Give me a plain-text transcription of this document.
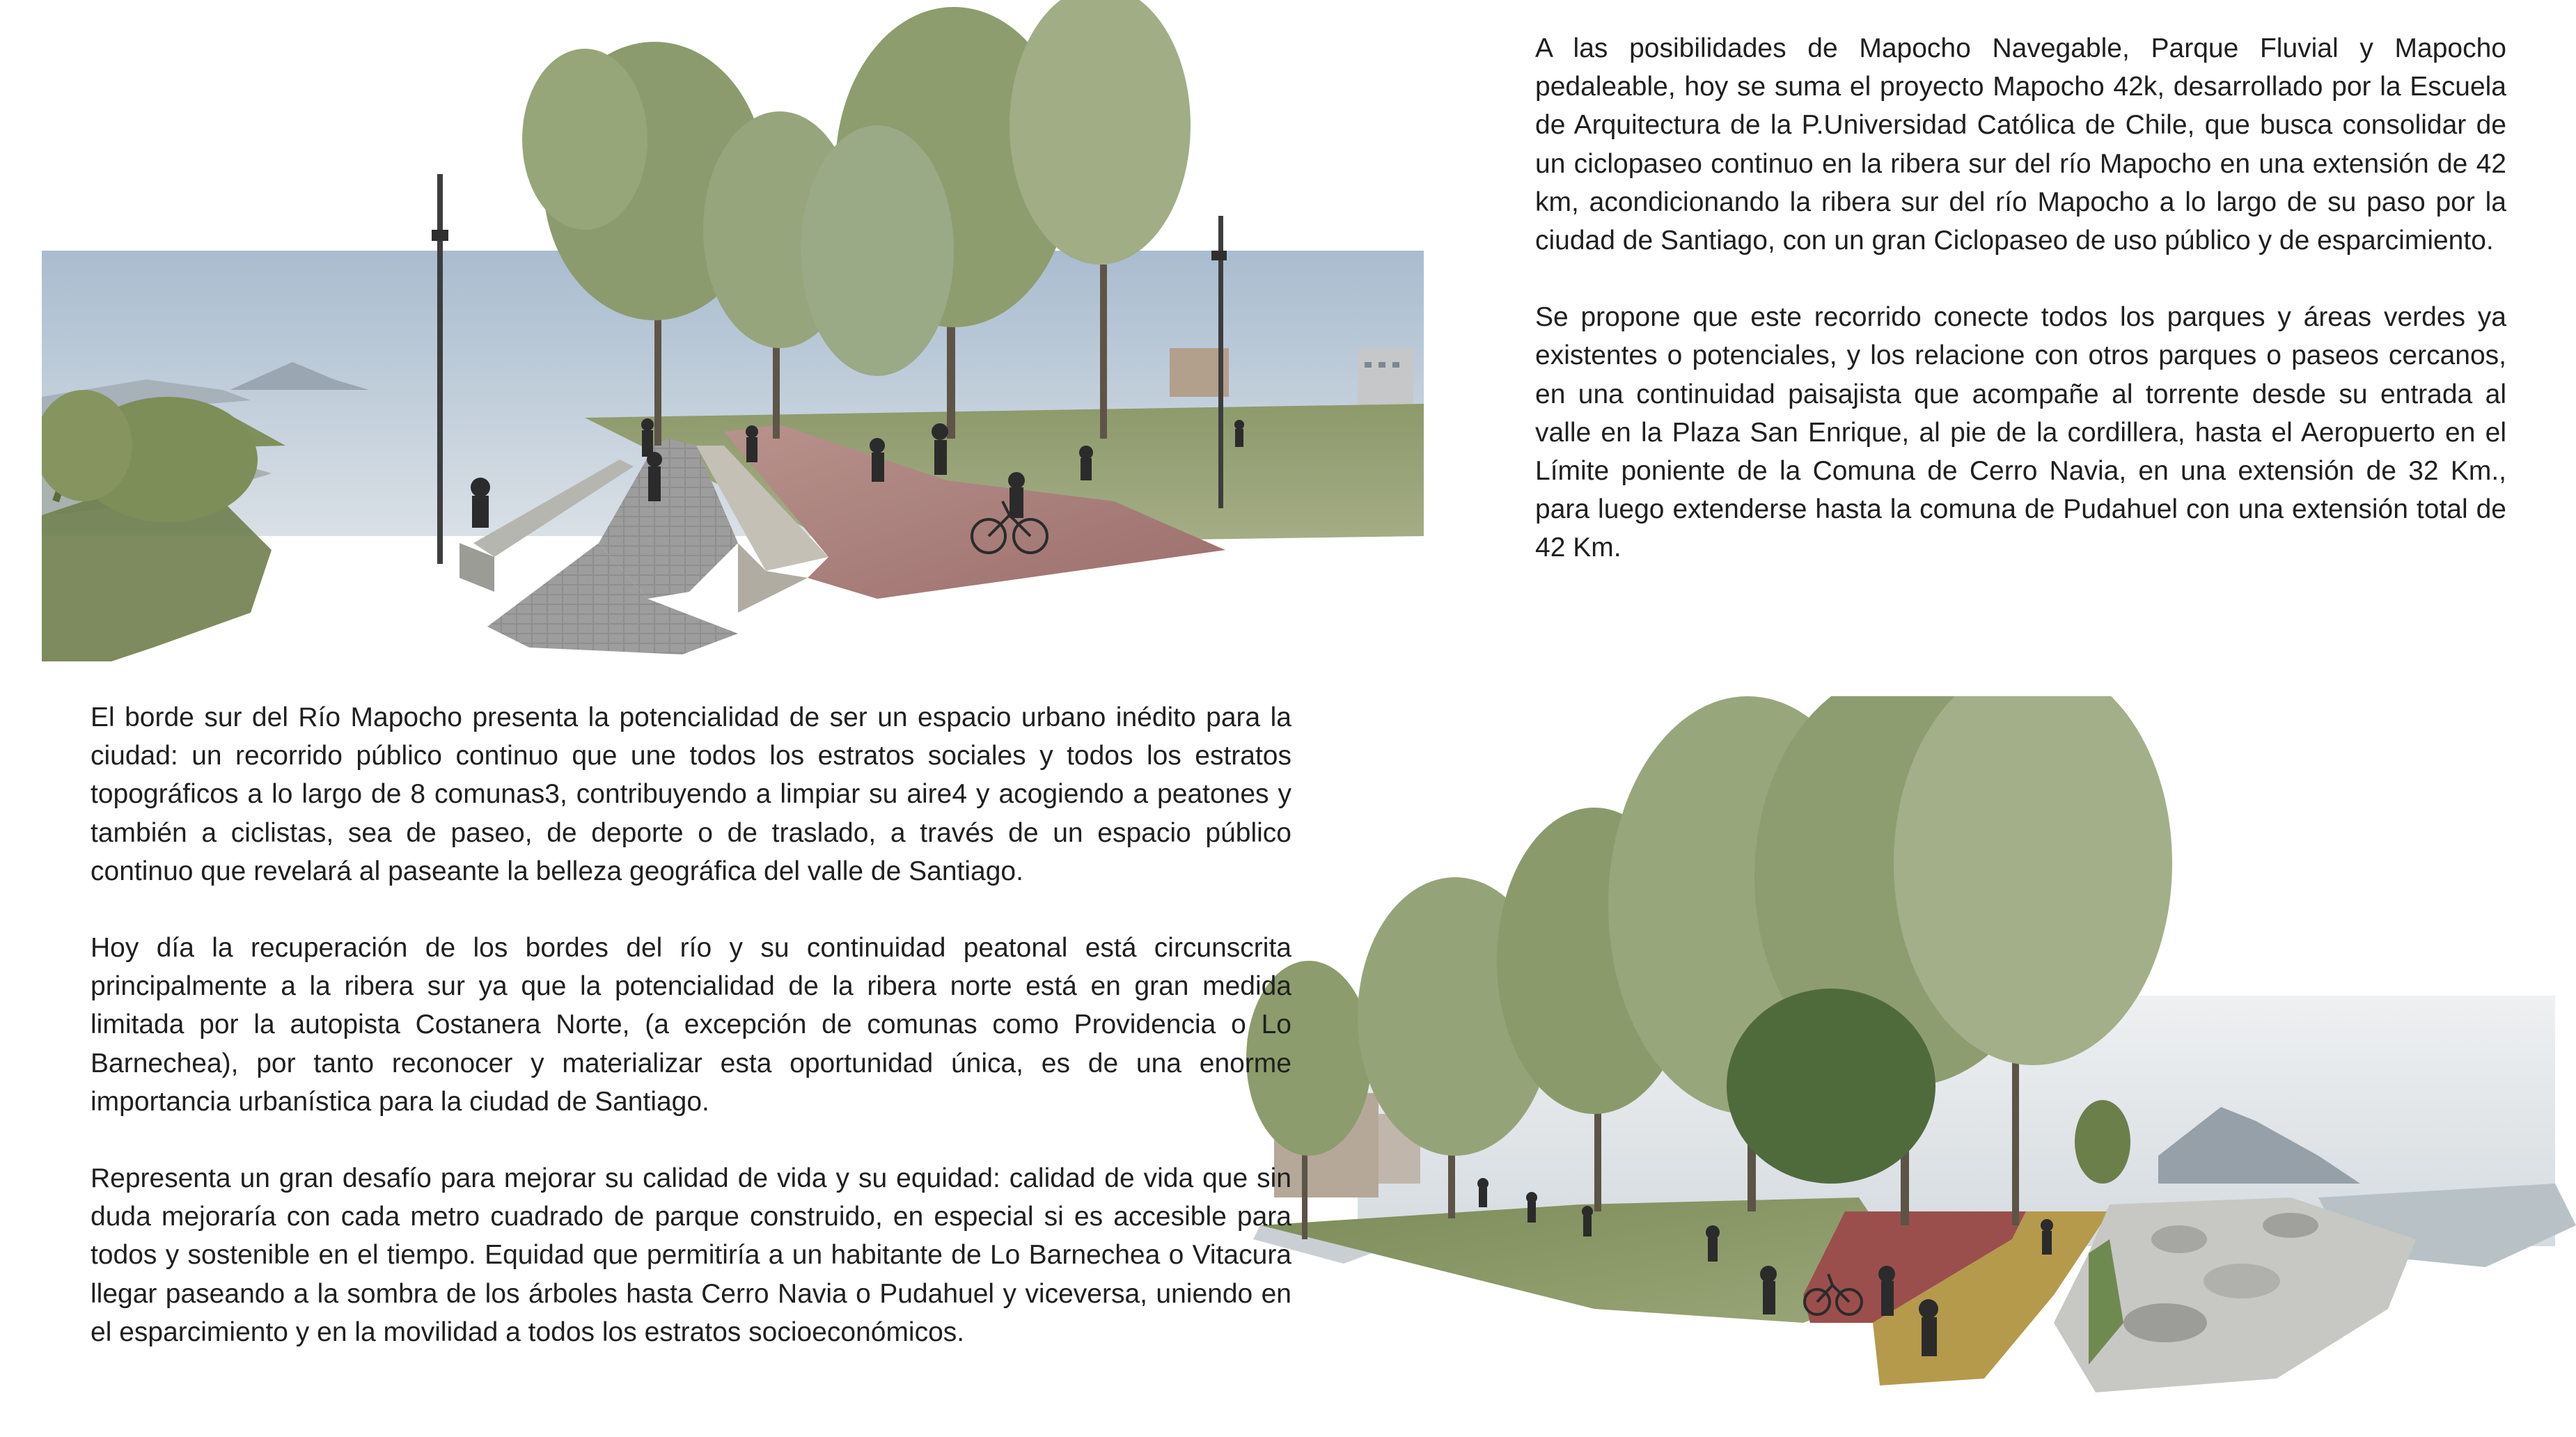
A las posibilidades de Mapocho Navegable, Parque Fluvial y Mapocho pedaleable, hoy se suma el proyecto Mapocho 42k, desarrollado por la Escuela de Arquitectura de la P.Universidad Católica de Chile, que busca consolidar de un ciclopaseo continuo en la ribera sur del río Mapocho en una extensión de 42 km, acondicionando la ribera sur del río Mapocho a lo largo de su paso por la ciudad de Santiago, con un gran Ciclopaseo de uso público y de esparcimiento.

Se propone que este recorrido conecte todos los parques y áreas verdes ya existentes o potenciales, y los relacione con otros parques o paseos cercanos, en una continuidad paisajista que acompañe al torrente desde su entrada al valle en la Plaza San Enrique, al pie de la cordillera, hasta el Aeropuerto en el Límite poniente de la Comuna de Cerro Navia, en una extensión de 32 Km., para luego extenderse hasta la comuna de Pudahuel con una extensión total de 42 Km.

El borde sur del Río Mapocho presenta la potencialidad de ser un espacio urbano inédito para la ciudad: un recorrido público continuo que une todos los estratos sociales y todos los estratos topográficos a lo largo de 8 comunas3, contribuyendo a limpiar su aire4 y acogiendo a peatones y también a ciclistas, sea de paseo, de deporte o de traslado, a través de un espacio público continuo que revelará al paseante la belleza geográfica del valle de Santiago.

Hoy día la recuperación de los bordes del río y su continuidad peatonal está circunscrita principalmente a la ribera sur ya que la potencialidad de la ribera norte está en gran medida limitada por la autopista Costanera Norte, (a excepción de comunas como Providencia o Lo Barnechea), por tanto reconocer y materializar esta oportunidad única, es de una enorme importancia urbanística para la ciudad de Santiago.

Representa un gran desafío para mejorar su calidad de vida y su equidad: calidad de vida que sin duda mejoraría con cada metro cuadrado de parque construido, en especial si es accesible para todos y sostenible en el tiempo. Equidad que permitiría a un habitante de Lo Barnechea o Vitacura llegar paseando a la sombra de los árboles hasta Cerro Navia o Pudahuel y viceversa, uniendo en el esparcimiento y en la movilidad a todos los estratos socioeconómicos.
